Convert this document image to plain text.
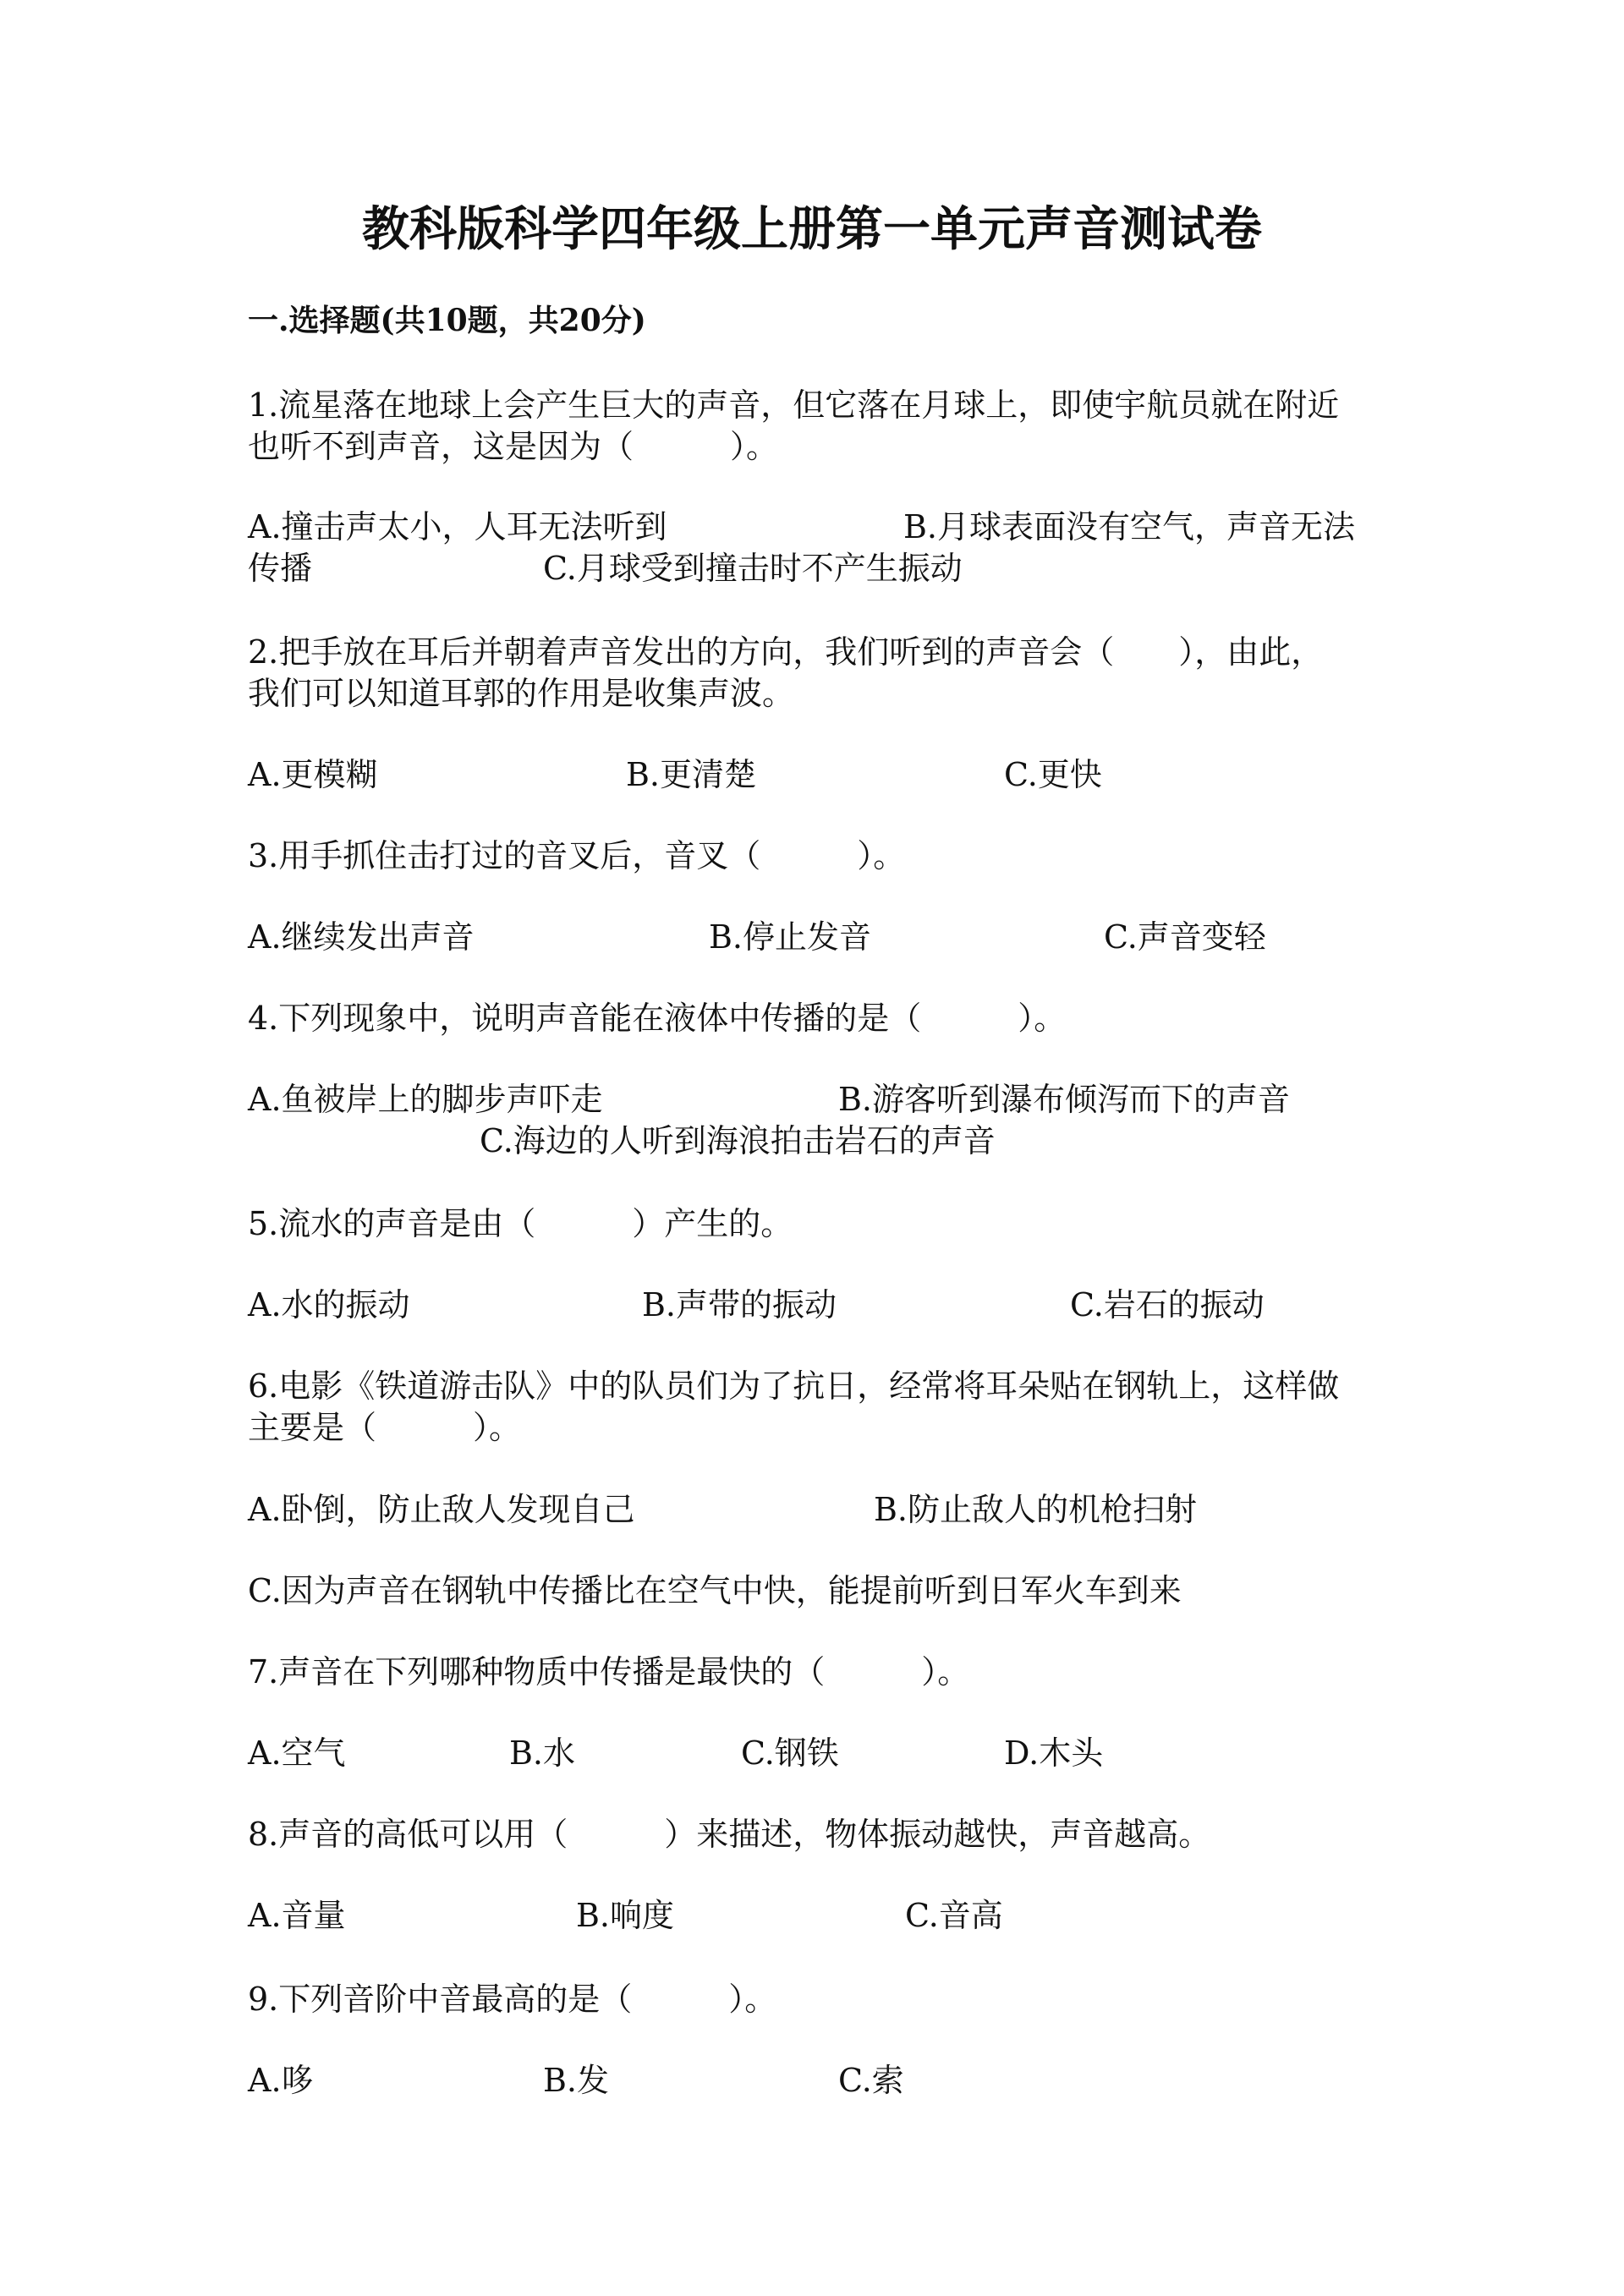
教科版科学四年级上册第一单元声音测试卷
一.选择题(共10题，共20分)
1.流星落在地球上会产生巨大的声音，但它落在月球上，即使宇航员就在附近
也听不到声音，这是因为（　　　）。
A.撞击声太小，人耳无法听到	B.月球表面没有空气，声音无法
传播	C.月球受到撞击时不产生振动
2.把手放在耳后并朝着声音发出的方向，我们听到的声音会（　　），由此，
我们可以知道耳郭的作用是收集声波。
A.更模糊	B.更清楚	C.更快
3.用手抓住击打过的音叉后，音叉（　　　）。
A.继续发出声音	B.停止发音	C.声音变轻
4.下列现象中，说明声音能在液体中传播的是（　　　）。
A.鱼被岸上的脚步声吓走	B.游客听到瀑布倾泻而下的声音
C.海边的人听到海浪拍击岩石的声音
5.流水的声音是由（　　　）产生的。
A.水的振动	B.声带的振动	C.岩石的振动
6.电影《铁道游击队》中的队员们为了抗日，经常将耳朵贴在钢轨上，这样做
主要是（　　　）。
A.卧倒，防止敌人发现自己	B.防止敌人的机枪扫射
C.因为声音在钢轨中传播比在空气中快，能提前听到日军火车到来
7.声音在下列哪种物质中传播是最快的（　　　）。
A.空气	B.水	C.钢铁	D.木头
8.声音的高低可以用（　　　）来描述，物体振动越快，声音越高。
A.音量	B.响度	C.音高
9.下列音阶中音最高的是（　　　）。
A.哆	B.发	C.索
